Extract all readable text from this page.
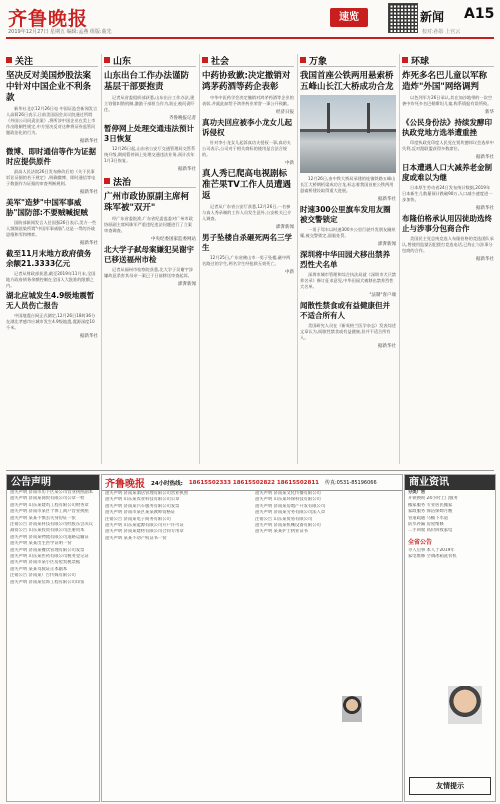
齐鲁晚报
2019年12月27日 星期五 编辑:孟燕 组版:曲先
速览	新闻 A15
校对:孙影 上官云
关注
坚决反对美国炒股法案中针对中国企业不利条款
新华社北京12月26日电 中国证监会新闻发言人高莉26日表示,日前美国国会众议院通过所谓《外国公司问责法案》,将所涉中国企业在美上市作出限制性规定,中方坚决反对这种将证券监管问题政治化的行为。
据新华社
微博、即时通信等作为证据时应提供原件
最高人民法院26日发布修改后的《关于民事诉讼证据的若干规定》,明确微博、即时通信等电子数据作为证据的审查判断规则。
据新华社
美军"造梦"中国军事威胁"国防部:不要贼喊捉贼
国防部新闻发言人任国强26日表示,美方一些人频频渲染所谓"中国军事威胁",这是一贯的冷战思维和零和博弈。
据新华社
截至11月末地方政府债务余额21.3333亿元
记者从财政部获悉,截至2019年11月末,全国地方政府债务余额控制在全国人大批准的限额之内。
湖北应城发生4.9级地震暂无人员伤亡报告
中国地震台网正式测定,12月26日18时36分在湖北孝感市应城市发生4.9级地震,震源深度10千米。
据新华社
山东
山东出台工作办法谨防基层干部要抱责
记者从省委组织部获悉,山东出台工作办法,建立容错纠错机制,激励干部担当作为,防止被问责吓住。
齐鲁晚报记者
暂停网上处理交通违法预计3日恢复
12月26日起,山东省公安厅交通管理局交管系统升级,期间暂停网上处理交通违法业务,预计次年1月3日恢复。
据新华社
法治
广州市政协原副主席柯珠军被"双开"
经广东省委批准,广东省纪委监委对广州市政协原副主席柯珠军严重违纪违法问题进行了立案审查调查。
中央纪委国家监委网站
北大学子弑母案嫌犯吴谢宇已移送福州市检
记者从福州市检察院获悉,北大学子吴谢宇涉嫌故意杀害其母亲一案已于日前移送审查起诉。
澎湃新闻
社会
中药协致歉:决定撤销对鸿茅药酒等药企表彰
中华中医药学会决定撤销对鸿茅药酒等企业的表彰,并就此前给予鸿茅药业荣誉一事公开致歉。
经济日报
真功夫回应被李小龙女儿起诉侵权
针对李小龙女儿起诉真功夫侵权一事,真功夫公司表示,公司对于相关商标的使用是合法合规的。
中新
真人秀已爬高电视剧标准芒果TV工作人员遭遇返
记者从广东省公安厅获悉,12月26日,一名参与真人秀录制的工作人员发生意外,公安机关已介入调查。
澎湃新闻
男子坠楼自杀砸死两名三学生
12月25日,广东省佛山市一男子坠楼,砸中两名路过的学生,两名学生经抢救无效死亡。
中新
万象
我国首座公铁两用悬索桥五峰山长江大桥成功合龙
12月26日,由中铁大桥局承建的连镇铁路五峰山长江大桥钢桁梁成功合龙,标志着我国首座公铁两用悬索桥建设取得重大进展。
据新华社
时速300公里旗车发用友圈被交警锁定
一男子驾车以时速300多公里行驶并发朋友圈炫耀,被交警锁定,面临处罚。
澎湃新闻
深圳将中华田园犬移出禁养烈性犬名单
深圳市城市管理和综合执法局就《深圳市犬只禁养名录》修订征求意见,中华田园犬被移出禁养烈性犬名单。
"法制"客户端
闻散性禁食或有益健康但并不适合所有人
美国研究人员在《新英格兰医学杂志》发表综述文章认为,间歇性禁食或有益健康,但并不适合所有人。
据新华社
环球
炸死多名巴儿童以军称造炸"外国"网络调判
以色列军方26日承认,其在加沙地带的一次空袭中炸死多名巴勒斯坦儿童,称系情报有误所致。
新华
《公民身份法》持续发酵印执政党地方选举遭重挫
印度执政党印度人民党在贾坎德邦议会选举中失利,反对派联盟获得多数席位。
据新华社
日本遭遇人口大减养老金制度或难以为继
日本厚生劳动省24日发布统计数据,2019年日本新生儿数量预计跌破90万,人口减少速度进一步加快。
据新华社
布隆伯格承认用囚徒助选终止与涉事分包商合作
美国民主党总统竞选人布隆伯格的竞选团队承认,曾使用监狱囚犯拨打竞选电话,已终止与涉事分包商的合作。
据新华社
公告声明
遗失声明 济南市历下区某公司营业执照副本
遗失声明 济南某商贸有限公司公章一枚
遗失声明 山东某建筑工程有限公司财务章
遗失声明 济南市某区个体工商户营业执照
遗失声明 某某不慎丢失身份证一张
注销公告 济南某科技有限公司经股东会决议
减资公告 山东某投资有限公司注册资本
遗失声明 济南某物流有限公司道路运输证
遗失声明 某某出生医学证明一份
遗失声明 济南某餐饮管理有限公司发票
遗失声明 山东某医药有限公司税务登记证
遗失声明 济南市某小区房屋契税票据
遗失声明 某某驾驶证正本副本
注销公告 济南某广告传媒有限公司
遗失声明 济南某装饰工程有限公司印鉴
齐鲁晚报 24小时热线: 18615502333 18615502822 18615502811 传真:0531-85196066
遗失声明 济南某酒店管理有限公司营业执照
遗失声明 山东某农业科技有限公司公章
遗失声明 济南某汽车服务有限公司发票
遗失声明 济南市某区某某教师资格证
注销公告 济南某电子商务有限公司
遗失声明 山东某能源有限公司开户许可证
遗失声明 济南某建材有限公司合同专用章
遗失声明 某某不动产权证书一份
遗失声明 济南某文化传播有限公司
遗失声明 山东某环保科技有限公司
遗失声明 济南某房地产开发有限公司
遗失声明 济南某劳务有限公司法人章
注销公告 山东某贸易有限公司
遗失声明 济南某机械设备有限公司
遗失声明 某某护士执业证书
商业资讯
分类广告
开锁换锁 24小时上门服务
搬家服务 专业居民搬家
家政服务 保洁保姆月嫂
管道疏通 马桶下水道
防水补漏 房屋维修
二手回收 高价回收家电
全省公告
寻人启事 本人于2019年
家电维修 空调冰箱洗衣机
友情提示
